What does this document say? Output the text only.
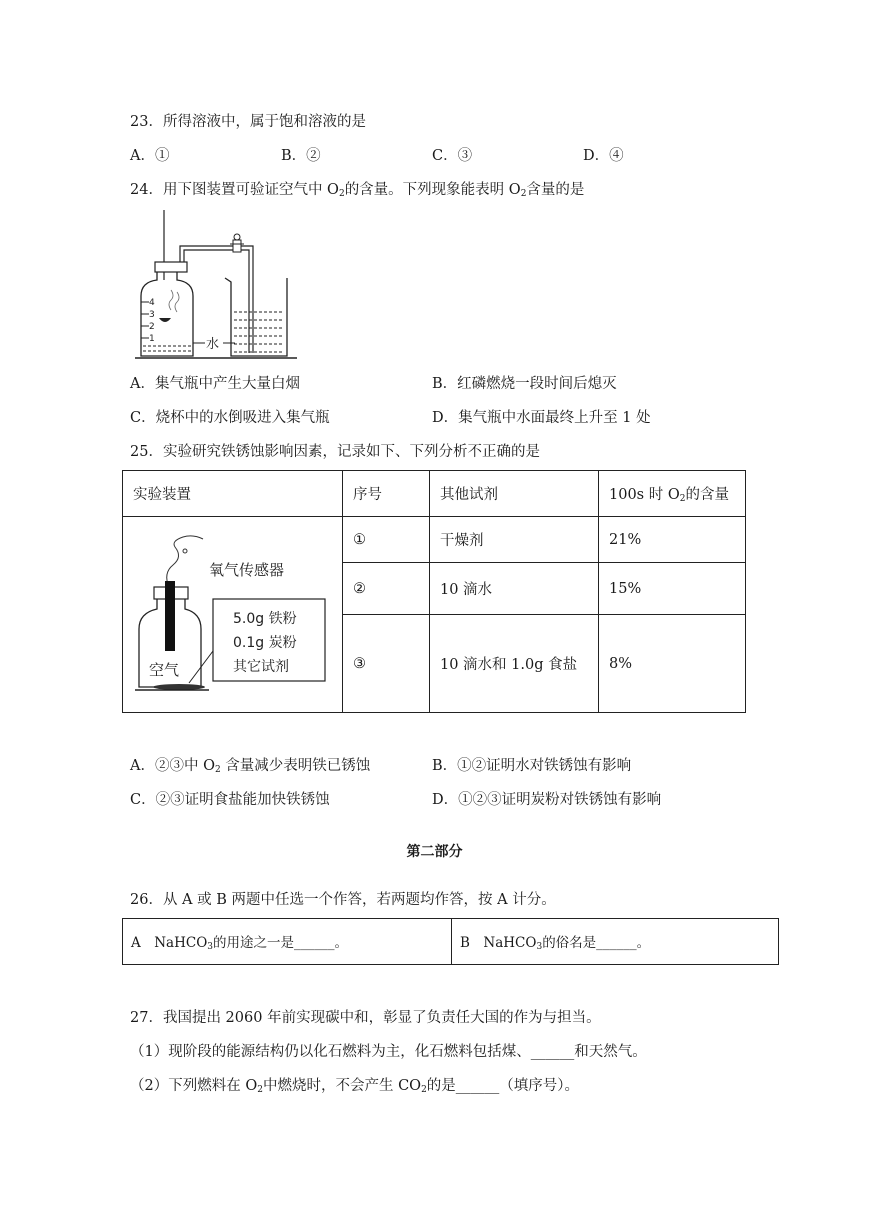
23．所得溶液中，属于饱和溶液的是
A．①	B．②	C．③	D．④
24．用下图装置可验证空气中 $O_2$的含量。下列现象能表明 $O_2$含量的是
4
3
2
1	水
A．集气瓶中产生大量白烟	B．红磷燃烧一段时间后熄灭
C．烧杯中的水倒吸进入集气瓶	D．集气瓶中水面最终上升至 1 处
25．实验研究铁锈蚀影响因素，记录如下、下列分析不正确的是
实验装置	序号	其他试剂	100s 时 $O_2$的含量

氧气传感器
空气
5.0g 铁粉
0.1g 炭粉
其它试剂	①	干燥剂	21%
	②	10 滴水	15%
	③	10 滴水和 1.0g 食盐	8%
A．②③中 $O_2$ 含量减少表明铁已锈蚀	B．①②证明水对铁锈蚀有影响
C．②③证明食盐能加快铁锈蚀	D．①②③证明炭粉对铁锈蚀有影响
第二部分
26．从 A 或 B 两题中任选一个作答，若两题均作答，按 A 计分。
A　NaHCO$_3$的用途之一是______。	B　NaHCO$_3$的俗名是______。
27．我国提出 2060 年前实现碳中和，彰显了负责任大国的作为与担当。
（1）现阶段的能源结构仍以化石燃料为主，化石燃料包括煤、______和天然气。
（2）下列燃料在 $O_2$中燃烧时，不会产生 $CO_2$的是______（填序号）。
